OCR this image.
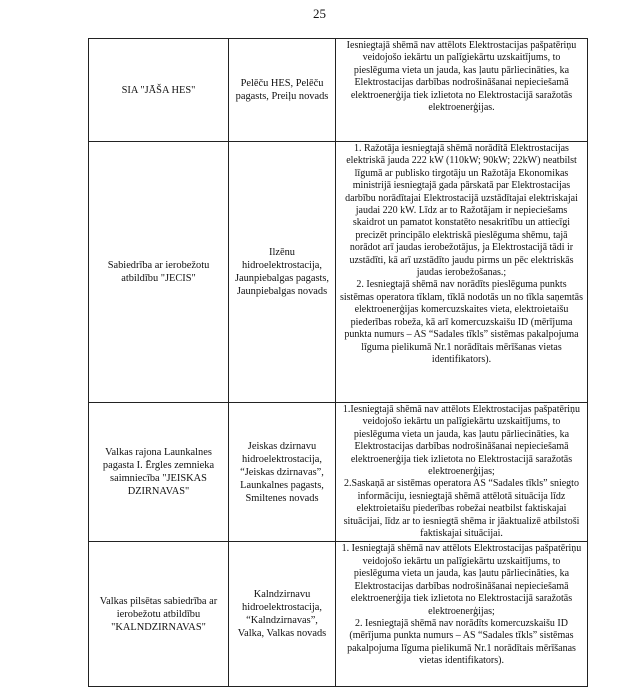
25
SIA "JĀŠA HES"	Pelēču HES, Pelēču pagasts, Preiļu novads	Iesniegtajā shēmā nav attēlots Elektrostacijas pašpatēriņu veidojošo iekārtu un palīgiekārtu uzskaitījums, to pieslēguma vieta un jauda, kas ļautu pārliecināties, ka Elektrostacijas darbības nodrošināšanai nepieciešamā elektroenerģija tiek izlietota no Elektrostacijā saražotās elektroenerģijas.

Sabiedrība ar ierobežotu atbildību "JECIS"	Ilzēnu hidroelektrostacija, Jaunpiebalgas pagasts, Jaunpiebalgas novads	1. Ražotāja iesniegtajā shēmā norādītā Elektrostacijas elektriskā jauda 222 kW (110kW; 90kW; 22kW) neatbilst līgumā ar publisko tirgotāju un Ražotāja Ekonomikas ministrijā iesniegtajā gada pārskatā par Elektrostacijas darbību norādītajai Elektrostacijā uzstādītajai elektriskajai jaudai 220 kW. Līdz ar to Ražotājam ir nepieciešams skaidrot un pamatot konstatēto nesakritību un attiecīgi precizēt principālo elektriskā pieslēguma shēmu, tajā norādot arī jaudas ierobežotājus, ja Elektrostacijā tādi ir uzstādīti, kā arī uzstādīto jaudu pirms un pēc elektriskās jaudas ierobežošanas.;
2. Iesniegtajā shēmā nav norādīts pieslēguma punkts sistēmas operatora tīklam, tīklā nodotās un no tīkla saņemtās elektroenerģijas komercuzskaites vieta, elektroietaišu piederības robeža, kā arī komercuzskaišu ID (mērījuma punkta numurs – AS “Sadales tīkls” sistēmas pakalpojuma līguma pielikumā Nr.1 norādītais mērīšanas vietas identifikators).

Valkas rajona Launkalnes pagasta I. Ērgles zemnieka saimniecība "JEISKAS DZIRNAVAS"	Jeiskas dzirnavu hidroelektrostacija, “Jeiskas dzirnavas”, Launkalnes pagasts, Smiltenes novads	1.Iesniegtajā shēmā nav attēlots Elektrostacijas pašpatēriņu veidojošo iekārtu un palīgiekārtu uzskaitījums, to pieslēguma vieta un jauda, kas ļautu pārliecināties, ka Elektrostacijas darbības nodrošināšanai nepieciešamā elektroenerģija tiek izlietota no Elektrostacijā saražotās elektroenerģijas;
2.Saskaņā ar sistēmas operatora AS “Sadales tīkls” sniegto informāciju, iesniegtajā shēmā attēlotā situācija līdz elektroietaišu piederības robežai neatbilst faktiskajai situācijai, līdz ar to iesniegtā shēma ir jāaktualizē atbilstoši faktiskajai situācijai.

Valkas pilsētas sabiedrība ar ierobežotu atbildību "KALNDZIRNAVAS"	Kalndzirnavu hidroelektrostacija, “Kalndzirnavas”, Valka, Valkas novads	1. Iesniegtajā shēmā nav attēlots Elektrostacijas pašpatēriņu veidojošo iekārtu un palīgiekārtu uzskaitījums, to pieslēguma vieta un jauda, kas ļautu pārliecināties, ka Elektrostacijas darbības nodrošināšanai nepieciešamā elektroenerģija tiek izlietota no Elektrostacijā saražotās elektroenerģijas;
2. Iesniegtajā shēmā nav norādīts komercuzskaišu ID (mērījuma punkta numurs – AS “Sadales tīkls” sistēmas pakalpojuma līguma pielikumā Nr.1 norādītais mērīšanas vietas identifikators).
